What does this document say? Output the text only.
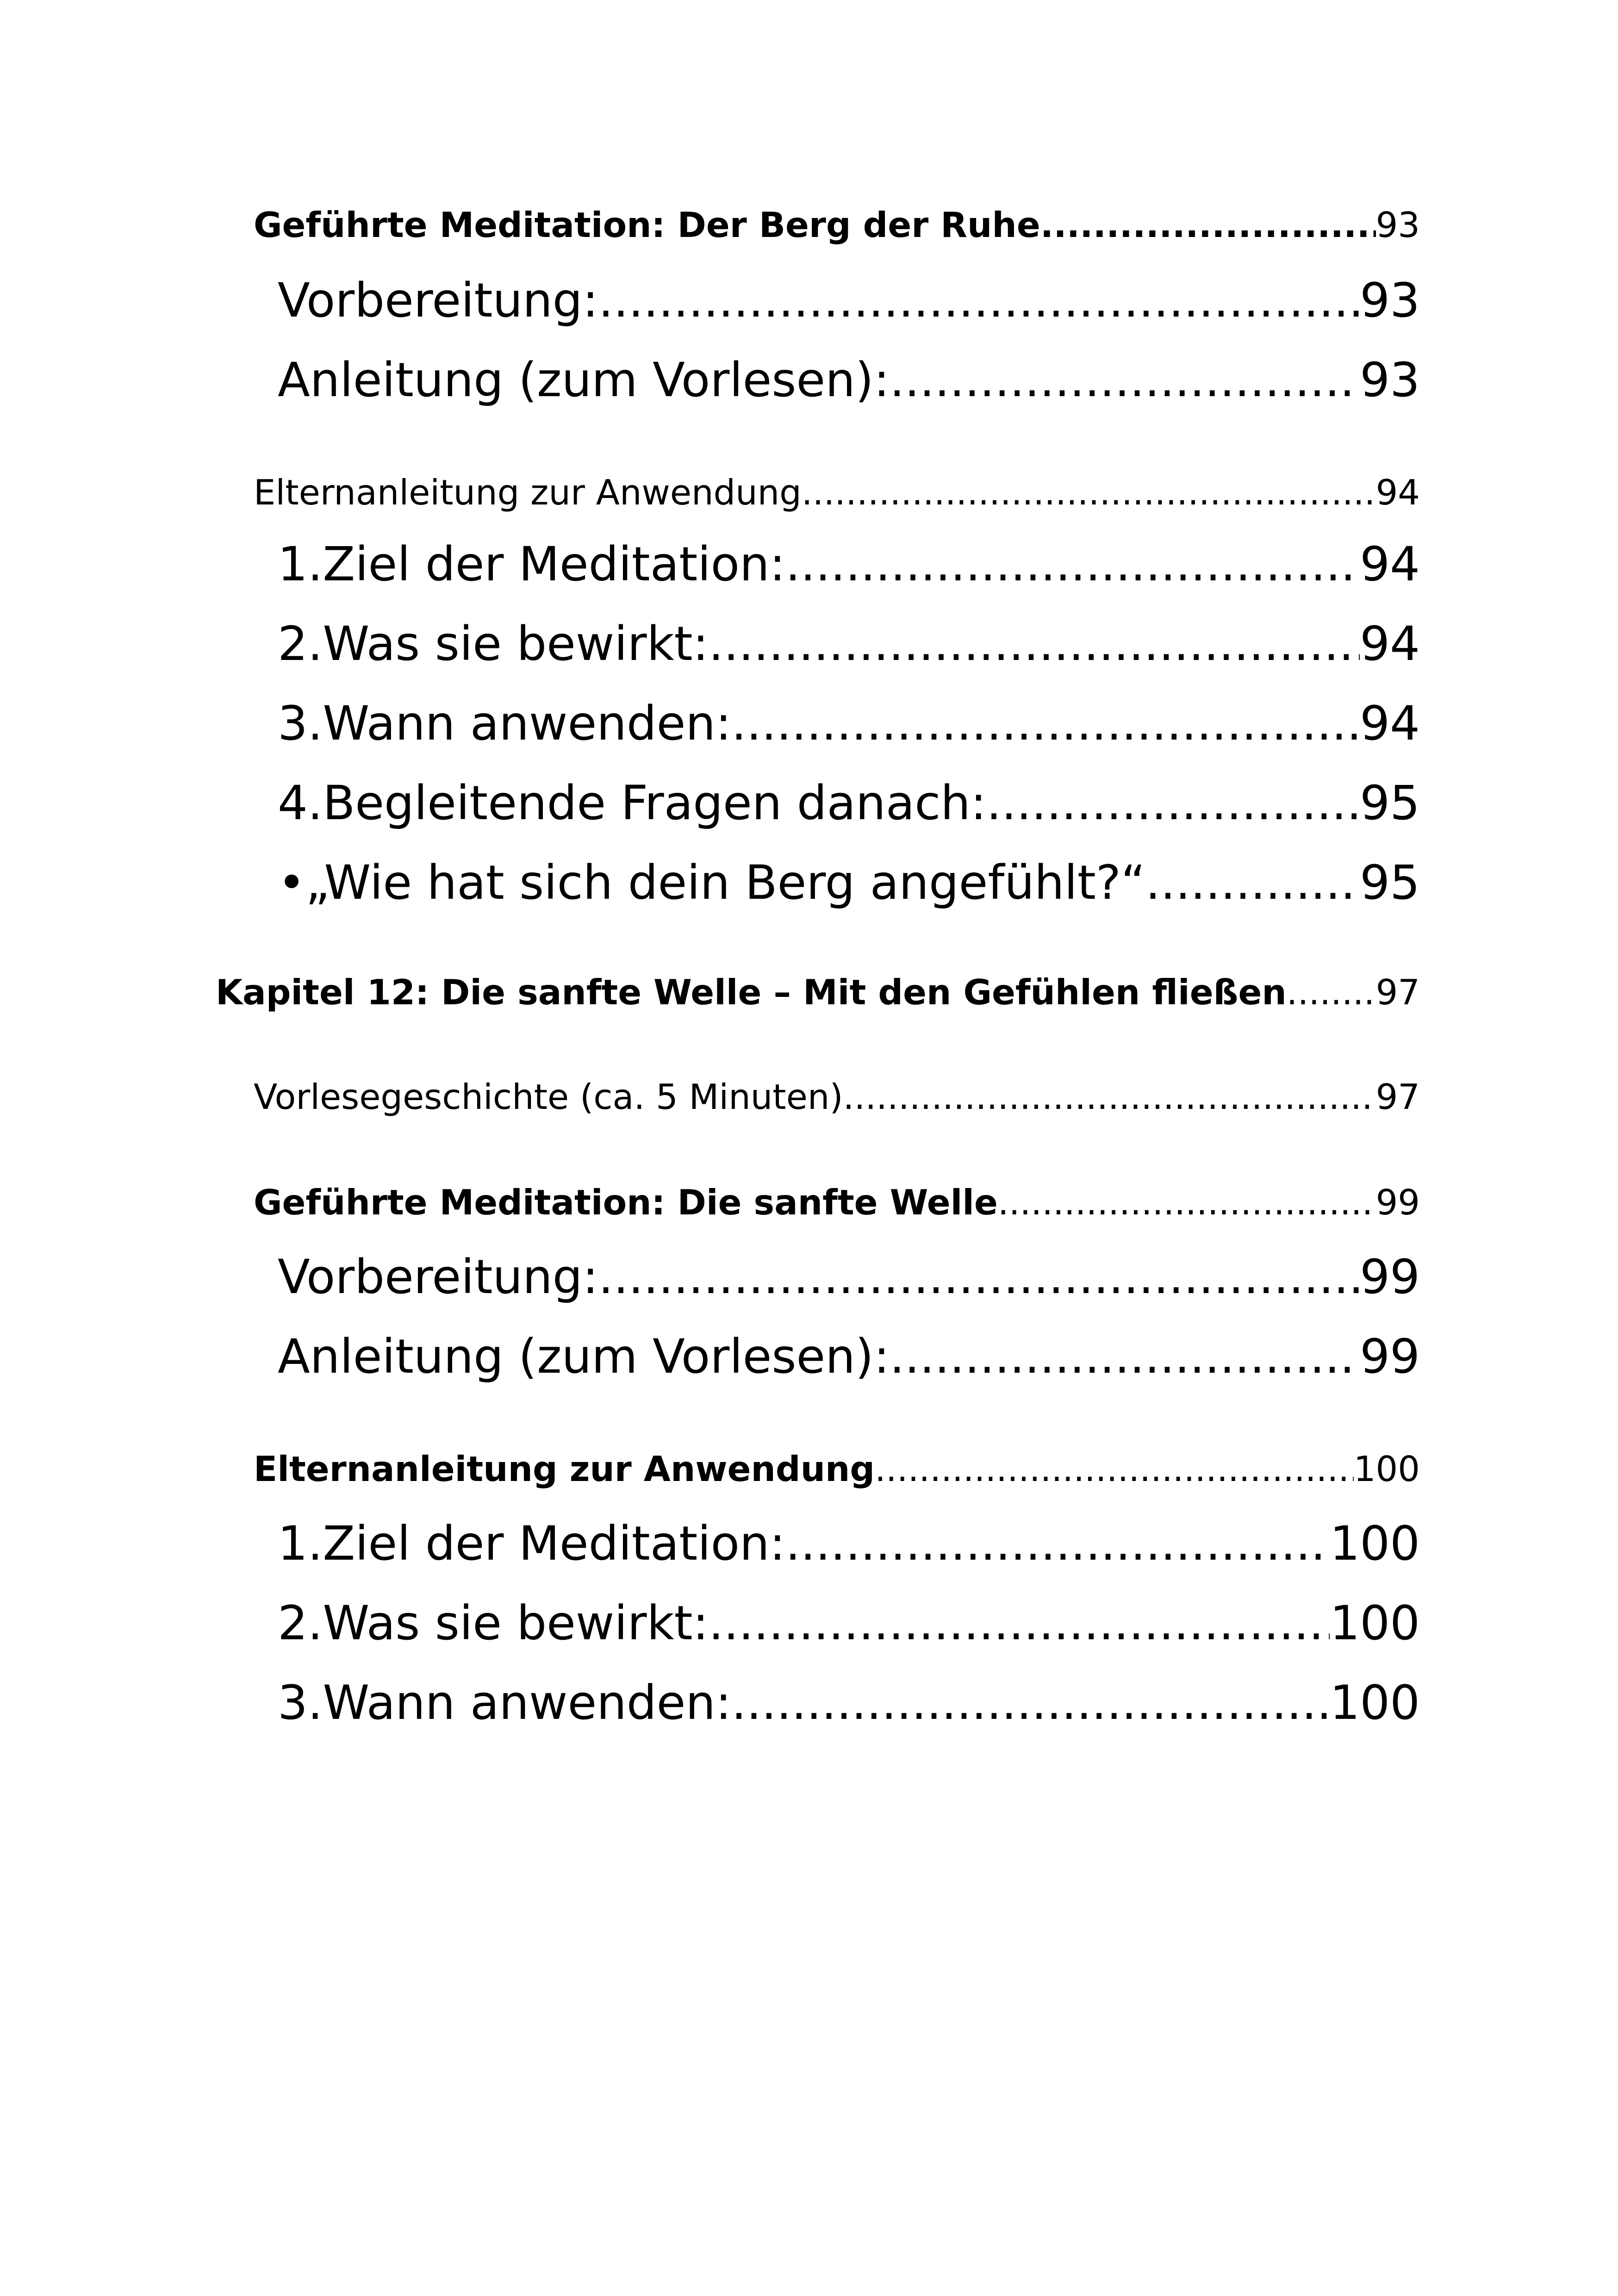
Geführte Meditation: Der Berg der Ruhe .....	93
Vorbereitung: .....	93
Anleitung (zum Vorlesen): .....	93
Elternanleitung zur Anwendung .....	94
1. Ziel der Meditation: .....	94
2. Was sie bewirkt: .....	94
3. Wann anwenden: .....	94
4. Begleitende Fragen danach: .....	95
• „Wie hat sich dein Berg angefühlt?“ .....	95
Kapitel 12: Die sanfte Welle – Mit den Gefühlen fließen .....	97
Vorlesegeschichte (ca. 5 Minuten) .....	97
Geführte Meditation: Die sanfte Welle .....	99
Vorbereitung: .....	99
Anleitung (zum Vorlesen): .....	99
Elternanleitung zur Anwendung .....	100
1. Ziel der Meditation: .....	100
2. Was sie bewirkt: .....	100
3. Wann anwenden: .....	100
